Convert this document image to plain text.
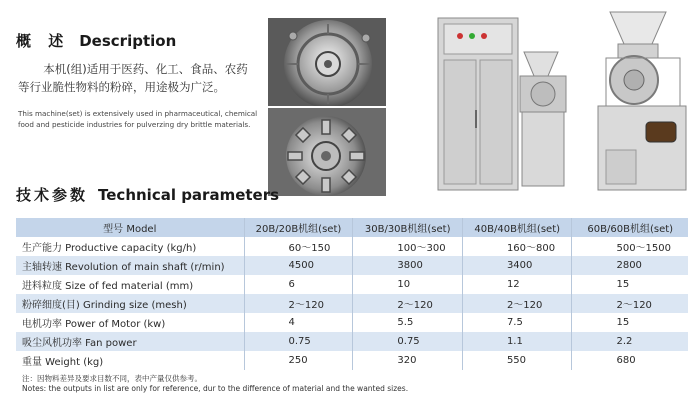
概 述 Description

本机(组)适用于医药、化工、食品、农药等行业脆性物料的粉碎，用途极为广泛。

This machine(set) is extensively used in pharmaceutical, chemical food and pesticide industries for pulverzing dry brittle materials.

技术参数 Technical parameters
型号 Model	20B/20B机组(set)	30B/30B机组(set)	40B/40B机组(set)	60B/60B机组(set)
生产能力 Productive capacity (kg/h)	60～150	100～300	160～800	500～1500
主轴转速 Revolution of main shaft (r/min)	4500	3800	3400	2800
进料粒度 Size of fed material (mm)	6	10	12	15
粉碎细度(目) Grinding size (mesh)	2～120	2～120	2～120	2～120
电机功率 Power of Motor (kw)	4	5.5	7.5	15
吸尘风机功率 Fan power	0.75	0.75	1.1	2.2
重量 Weight (kg)	250	320	550	680
注：因物料差异及要求目数不同，表中产量仅供参考。
Notes: the outputs in list are only for reference, dur to the difference of material and the wanted sizes.
